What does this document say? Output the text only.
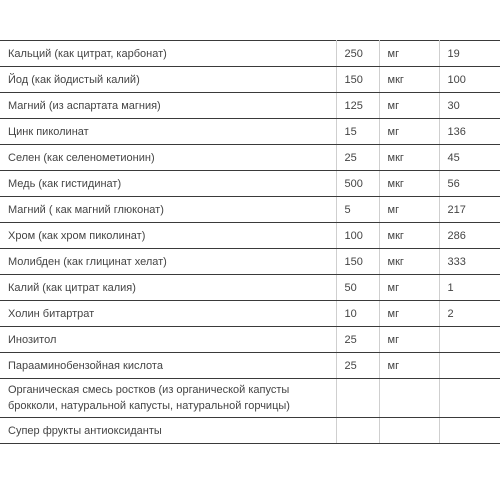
Кальций (как цитрат, карбонат)	250	мг	19
Йод (как йодистый калий)	150	мкг	100
Магний (из аспартата магния)	125	мг	30
Цинк пиколинат	15	мг	136
Селен (как селенометионин)	25	мкг	45
Медь (как гистидинат)	500	мкг	56
Магний ( как магний глюконат)	5	мг	217
Хром (как хром пиколинат)	100	мкг	286
Молибден (как глицинат хелат)	150	мкг	333
Калий (как цитрат калия)	50	мг	1
Холин битартрат	10	мг	2
Инозитол	25	мг	
Парааминобензойная кислота	25	мг	
Органическая смесь ростков (из органической капусты брокколи, натуральной капусты, натуральной горчицы)			
Супер фрукты антиоксиданты			
